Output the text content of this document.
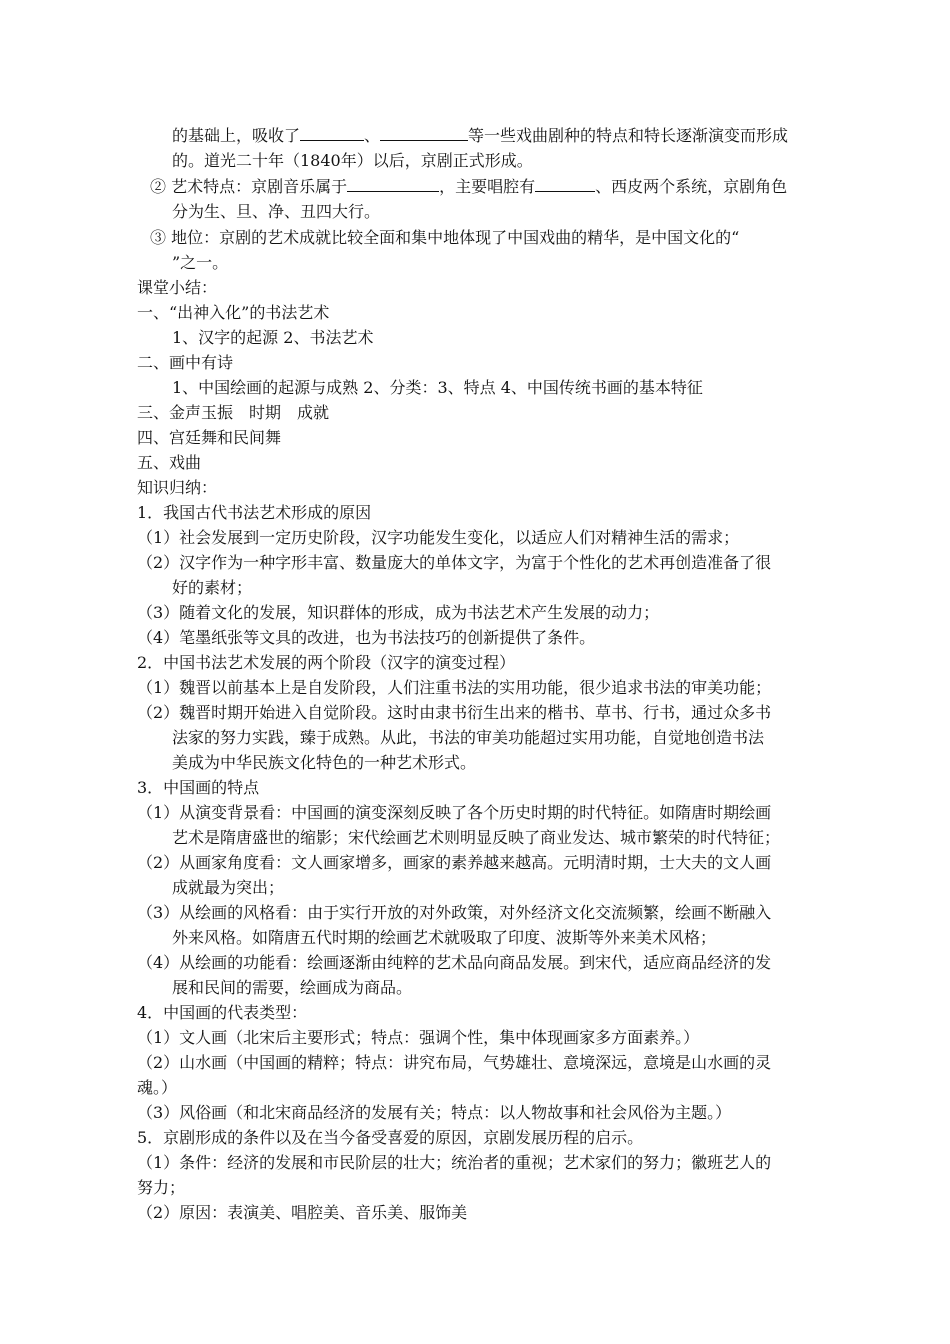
的基础上，吸收了	、	等一些戏曲剧种的特点和特长逐渐演变而形成
的。道光二十年（1840年）以后，京剧正式形成。
② 艺术特点：京剧音乐属于	，主要唱腔有	、西皮两个系统，京剧角色
分为生、旦、净、丑四大行。
③ 地位：京剧的艺术成就比较全面和集中地体现了中国戏曲的精华，是中国文化的“
”之一。
课堂小结：
一、“出神入化”的书法艺术
1、汉字的起源 2、书法艺术
二、画中有诗
1、中国绘画的起源与成熟 2、分类：3、特点 4、中国传统书画的基本特征
三、金声玉振　时期　成就
四、宫廷舞和民间舞
五、戏曲
知识归纳：
1．我国古代书法艺术形成的原因
（1）社会发展到一定历史阶段，汉字功能发生变化，以适应人们对精神生活的需求；
（2）汉字作为一种字形丰富、数量庞大的单体文字，为富于个性化的艺术再创造准备了很
好的素材；
（3）随着文化的发展，知识群体的形成，成为书法艺术产生发展的动力；
（4）笔墨纸张等文具的改进，也为书法技巧的创新提供了条件。
2．中国书法艺术发展的两个阶段（汉字的演变过程）
（1）魏晋以前基本上是自发阶段，人们注重书法的实用功能，很少追求书法的审美功能；
（2）魏晋时期开始进入自觉阶段。这时由隶书衍生出来的楷书、草书、行书，通过众多书
法家的努力实践，臻于成熟。从此，书法的审美功能超过实用功能，自觉地创造书法
美成为中华民族文化特色的一种艺术形式。
3．中国画的特点
（1）从演变背景看：中国画的演变深刻反映了各个历史时期的时代特征。如隋唐时期绘画
艺术是隋唐盛世的缩影；宋代绘画艺术则明显反映了商业发达、城市繁荣的时代特征；
（2）从画家角度看：文人画家增多，画家的素养越来越高。元明清时期，士大夫的文人画
成就最为突出；
（3）从绘画的风格看：由于实行开放的对外政策，对外经济文化交流频繁，绘画不断融入
外来风格。如隋唐五代时期的绘画艺术就吸取了印度、波斯等外来美术风格；
（4）从绘画的功能看：绘画逐渐由纯粹的艺术品向商品发展。到宋代，适应商品经济的发
展和民间的需要，绘画成为商品。
4．中国画的代表类型：
（1）文人画（北宋后主要形式；特点：强调个性，集中体现画家多方面素养。）
（2）山水画（中国画的精粹；特点：讲究布局，气势雄壮、意境深远，意境是山水画的灵
魂。）
（3）风俗画（和北宋商品经济的发展有关；特点：以人物故事和社会风俗为主题。）
5．京剧形成的条件以及在当今备受喜爱的原因，京剧发展历程的启示。
（1）条件：经济的发展和市民阶层的壮大；统治者的重视；艺术家们的努力；徽班艺人的
努力；
（2）原因：表演美、唱腔美、音乐美、服饰美
